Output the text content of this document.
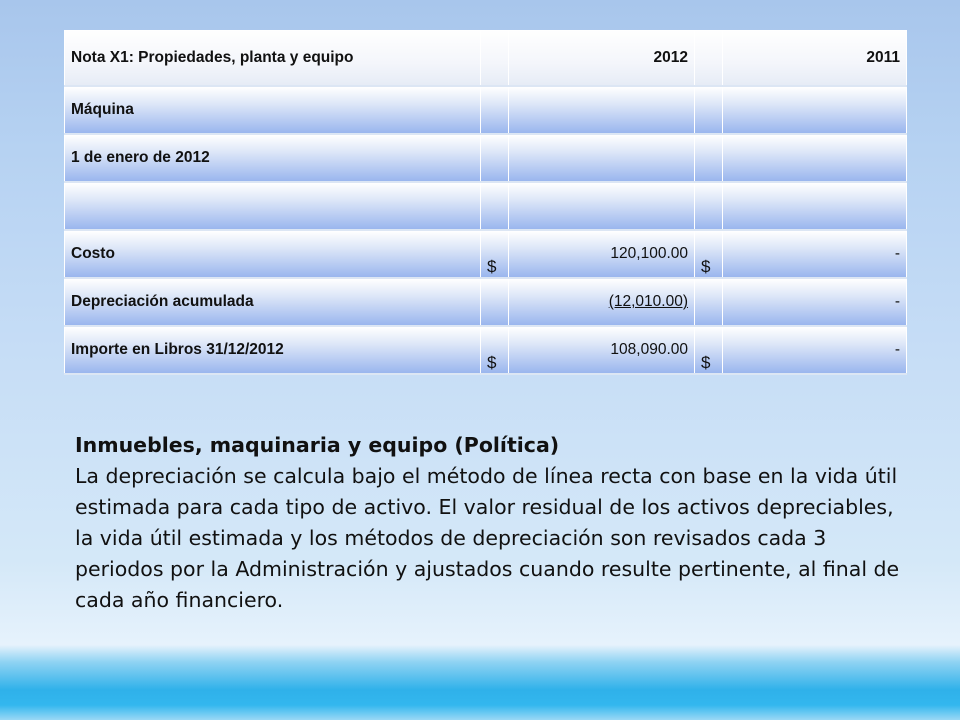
Nota X1: Propiedades, planta y equipo		2012		2011
Máquina				
1 de enero de 2012				

Costo	$	120,100.00	$	-
Depreciación acumulada		(12,010.00)		-
Importe en Libros 31/12/2012	$	108,090.00	$	-
Inmuebles, maquinaria y equipo (Política)
La depreciación se calcula bajo el método de línea recta con base en la vida útil estimada para cada tipo de activo. El valor residual de los activos depreciables, la vida útil estimada y los métodos de depreciación son revisados cada 3 periodos por la Administración y ajustados cuando resulte pertinente, al final de cada año financiero.
